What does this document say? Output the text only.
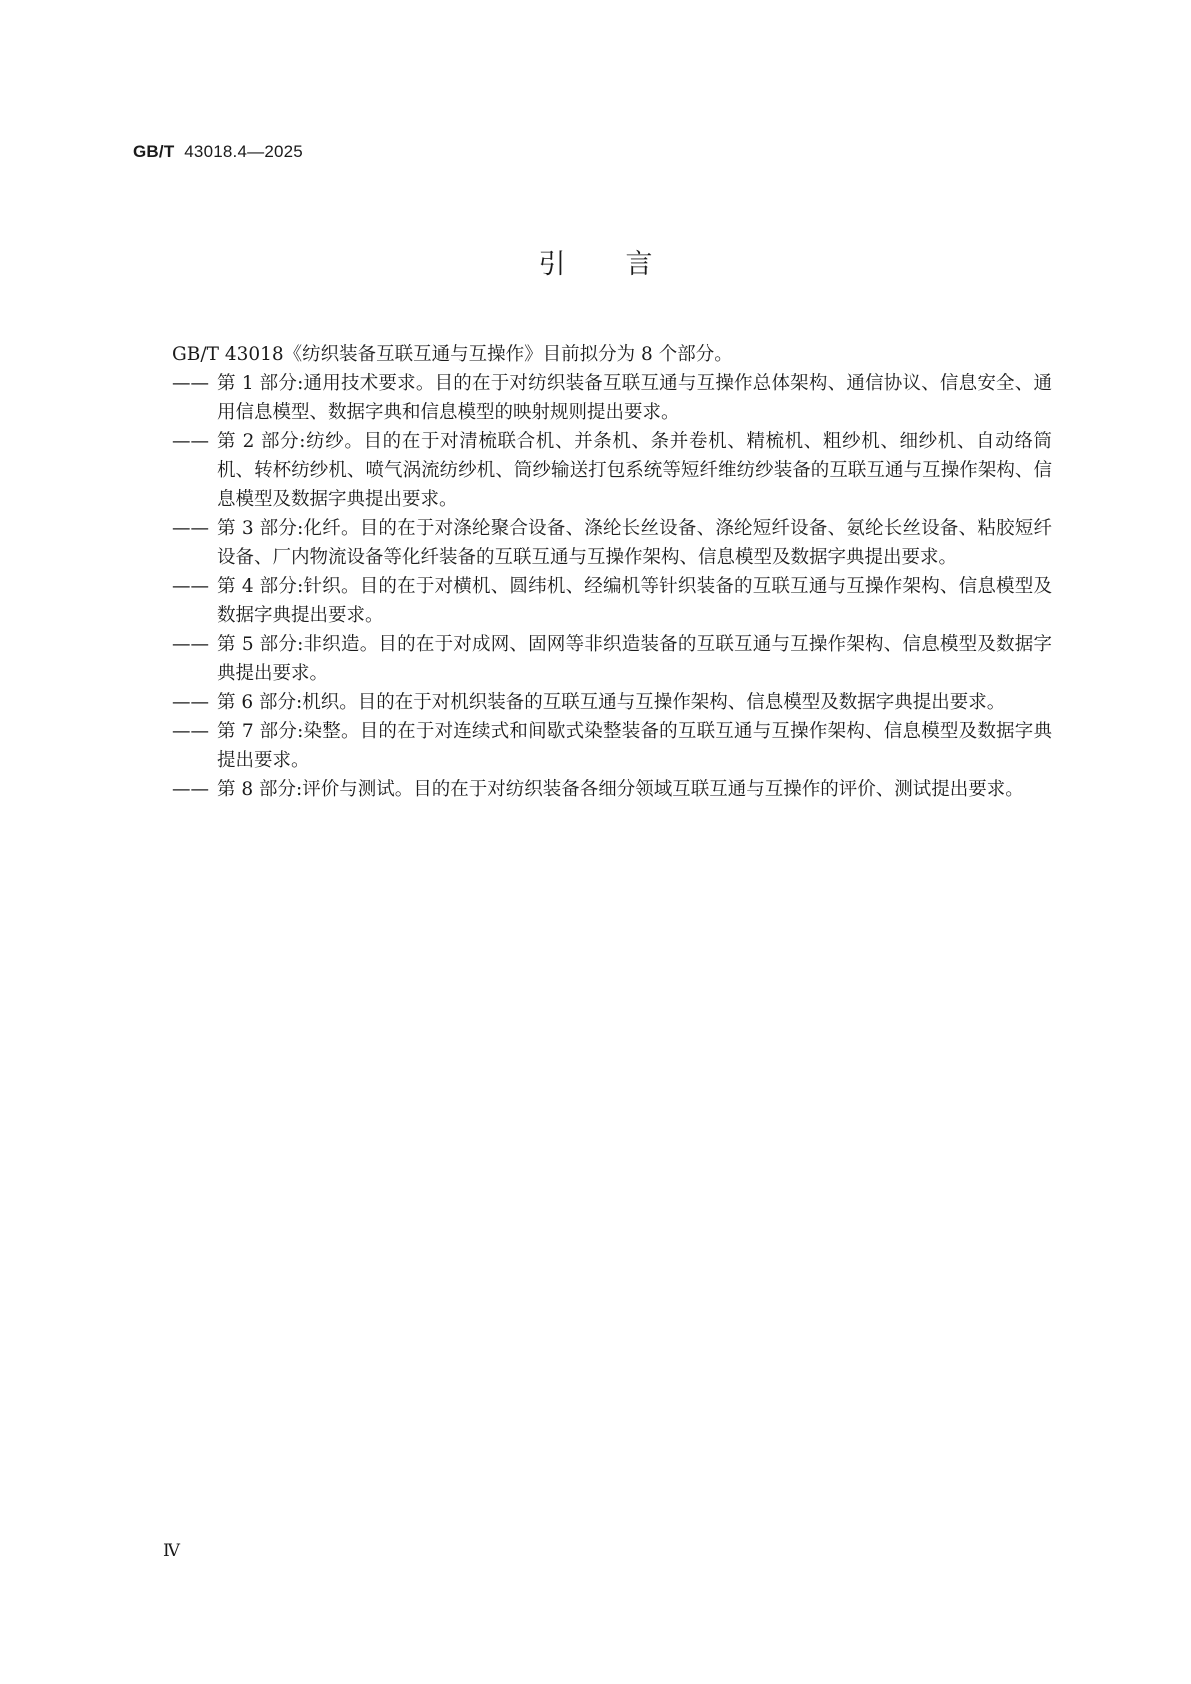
GB/T 43018.4—2025
引言

GB/T 43018《纺织装备互联互通与互操作》目前拟分为 8 个部分。

—— 第 1 部分:通用技术要求。目的在于对纺织装备互联互通与互操作总体架构、通信协议、信息安全、通用信息模型、数据字典和信息模型的映射规则提出要求。

—— 第 2 部分:纺纱。目的在于对清梳联合机、并条机、条并卷机、精梳机、粗纱机、细纱机、自动络筒机、转杯纺纱机、喷气涡流纺纱机、筒纱输送打包系统等短纤维纺纱装备的互联互通与互操作架构、信息模型及数据字典提出要求。

—— 第 3 部分:化纤。目的在于对涤纶聚合设备、涤纶长丝设备、涤纶短纤设备、氨纶长丝设备、粘胶短纤设备、厂内物流设备等化纤装备的互联互通与互操作架构、信息模型及数据字典提出要求。

—— 第 4 部分:针织。目的在于对横机、圆纬机、经编机等针织装备的互联互通与互操作架构、信息模型及数据字典提出要求。

—— 第 5 部分:非织造。目的在于对成网、固网等非织造装备的互联互通与互操作架构、信息模型及数据字典提出要求。

—— 第 6 部分:机织。目的在于对机织装备的互联互通与互操作架构、信息模型及数据字典提出要求。

—— 第 7 部分:染整。目的在于对连续式和间歇式染整装备的互联互通与互操作架构、信息模型及数据字典提出要求。

—— 第 8 部分:评价与测试。目的在于对纺织装备各细分领域互联互通与互操作的评价、测试提出要求。

Ⅳ
